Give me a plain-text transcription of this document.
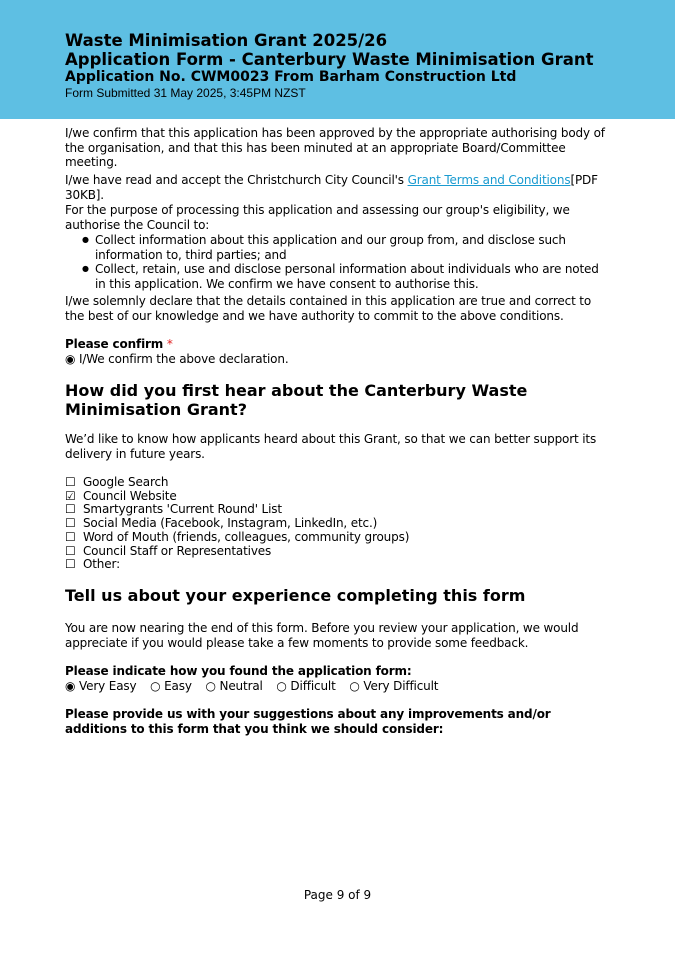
Waste Minimisation Grant 2025/26
Application Form - Canterbury Waste Minimisation Grant
Application No. CWM0023 From Barham Construction Ltd
Form Submitted 31 May 2025, 3:45PM NZST
I/we confirm that this application has been approved by the appropriate authorising body of the organisation, and that this has been minuted at an appropriate Board/Committee meeting.
I/we have read and accept the Christchurch City Council's Grant Terms and Conditions[PDF 30KB].
For the purpose of processing this application and assessing our group's eligibility, we authorise the Council to:
● Collect information about this application and our group from, and disclose such information to, third parties; and
● Collect, retain, use and disclose personal information about individuals who are noted in this application. We confirm we have consent to authorise this.
I/we solemnly declare that the details contained in this application are true and correct to the best of our knowledge and we have authority to commit to the above conditions.
Please confirm *
◉ I/We confirm the above declaration.
How did you first hear about the Canterbury Waste Minimisation Grant?
We’d like to know how applicants heard about this Grant, so that we can better support its delivery in future years.
☐ Google Search
☑ Council Website
☐ Smartygrants 'Current Round' List
☐ Social Media (Facebook, Instagram, LinkedIn, etc.)
☐ Word of Mouth (friends, colleagues, community groups)
☐ Council Staff or Representatives
☐ Other:
Tell us about your experience completing this form
You are now nearing the end of this form. Before you review your application, we would appreciate if you would please take a few moments to provide some feedback.
Please indicate how you found the application form:
◉ Very Easy ○ Easy ○ Neutral ○ Difficult ○ Very Difficult
Please provide us with your suggestions about any improvements and/or additions to this form that you think we should consider:
Page 9 of 9
